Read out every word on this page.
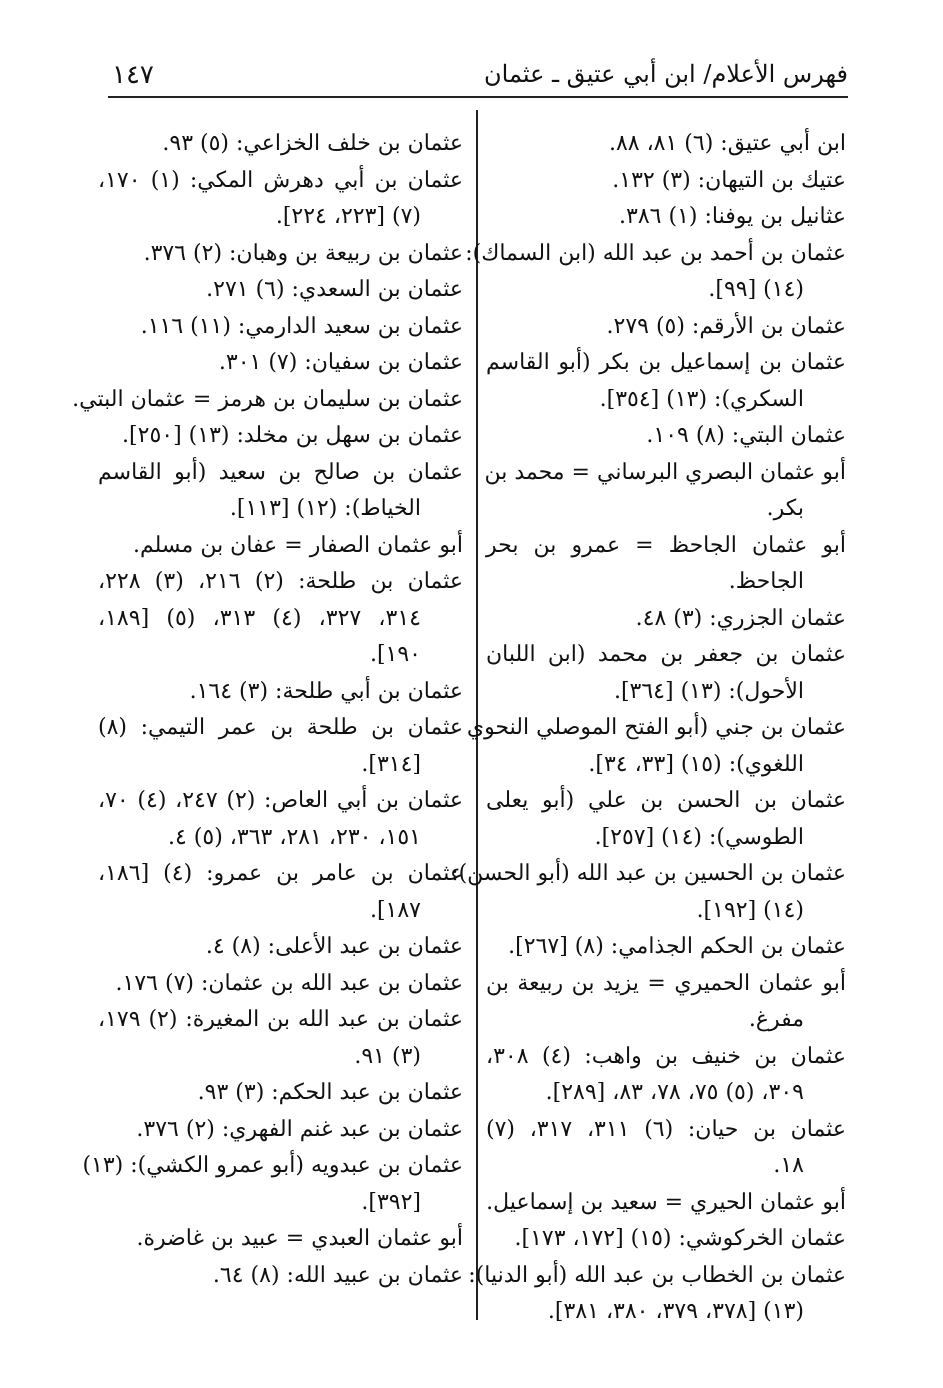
فهرس الأعلام/ ابن أبي عتيق ـ عثمان
١٤٧
ابن أبي عتيق: (٦) ٨١، ٨٨.
عتيك بن التيهان: (٣) ١٣٢.
عثانيل بن يوفنا: (١) ٣٨٦.
عثمان بن أحمد بن عبد الله (ابن السماك):
(١٤) [٩٩].
عثمان بن الأرقم: (٥) ٢٧٩.
عثمان بن إسماعيل بن بكر (أبو القاسم
السكري): (١٣) [٣٥٤].
عثمان البتي: (٨) ١٠٩.
أبو عثمان البصري البرساني = محمد بن
بكر.
أبو عثمان الجاحظ = عمرو بن بحر
الجاحظ.
عثمان الجزري: (٣) ٤٨.
عثمان بن جعفر بن محمد (ابن اللبان
الأحول): (١٣) [٣٦٤].
عثمان بن جني (أبو الفتح الموصلي النحوي
اللغوي): (١٥) [٣٣، ٣٤].
عثمان بن الحسن بن علي (أبو يعلى
الطوسي): (١٤) [٢٥٧].
عثمان بن الحسين بن عبد الله (أبو الحسن):
(١٤) [١٩٢].
عثمان بن الحكم الجذامي: (٨) [٢٦٧].
أبو عثمان الحميري = يزيد بن ربيعة بن
مفرغ.
عثمان بن خنيف بن واهب: (٤) ٣٠٨،
٣٠٩، (٥) ٧٥، ٧٨، ٨٣، [٢٨٩].
عثمان بن حيان: (٦) ٣١١، ٣١٧، (٧)
١٨.
أبو عثمان الحيري = سعيد بن إسماعيل.
عثمان الخركوشي: (١٥) [١٧٢، ١٧٣].
عثمان بن الخطاب بن عبد الله (أبو الدنيا):
(١٣) [٣٧٨، ٣٧٩، ٣٨٠، ٣٨١].
عثمان بن خلف الخزاعي: (٥) ٩٣.
عثمان بن أبي دهرش المكي: (١) ١٧٠،
(٧) [٢٢٣، ٢٢٤].
عثمان بن ربيعة بن وهبان: (٢) ٣٧٦.
عثمان بن السعدي: (٦) ٢٧١.
عثمان بن سعيد الدارمي: (١١) ١١٦.
عثمان بن سفيان: (٧) ٣٠١.
عثمان بن سليمان بن هرمز = عثمان البتي.
عثمان بن سهل بن مخلد: (١٣) [٢٥٠].
عثمان بن صالح بن سعيد (أبو القاسم
الخياط): (١٢) [١١٣].
أبو عثمان الصفار = عفان بن مسلم.
عثمان بن طلحة: (٢) ٢١٦، (٣) ٢٢٨،
٣١٤، ٣٢٧، (٤) ٣١٣، (٥) [١٨٩،
١٩٠].
عثمان بن أبي طلحة: (٣) ١٦٤.
عثمان بن طلحة بن عمر التيمي: (٨)
[٣١٤].
عثمان بن أبي العاص: (٢) ٢٤٧، (٤) ٧٠،
١٥١، ٢٣٠، ٢٨١، ٣٦٣، (٥) ٤.
عثمان بن عامر بن عمرو: (٤) [١٨٦،
١٨٧].
عثمان بن عبد الأعلى: (٨) ٤.
عثمان بن عبد الله بن عثمان: (٧) ١٧٦.
عثمان بن عبد الله بن المغيرة: (٢) ١٧٩،
(٣) ٩١.
عثمان بن عبد الحكم: (٣) ٩٣.
عثمان بن عبد غنم الفهري: (٢) ٣٧٦.
عثمان بن عبدويه (أبو عمرو الكشي): (١٣)
[٣٩٢].
أبو عثمان العبدي = عبيد بن غاضرة.
عثمان بن عبيد الله: (٨) ٦٤.
